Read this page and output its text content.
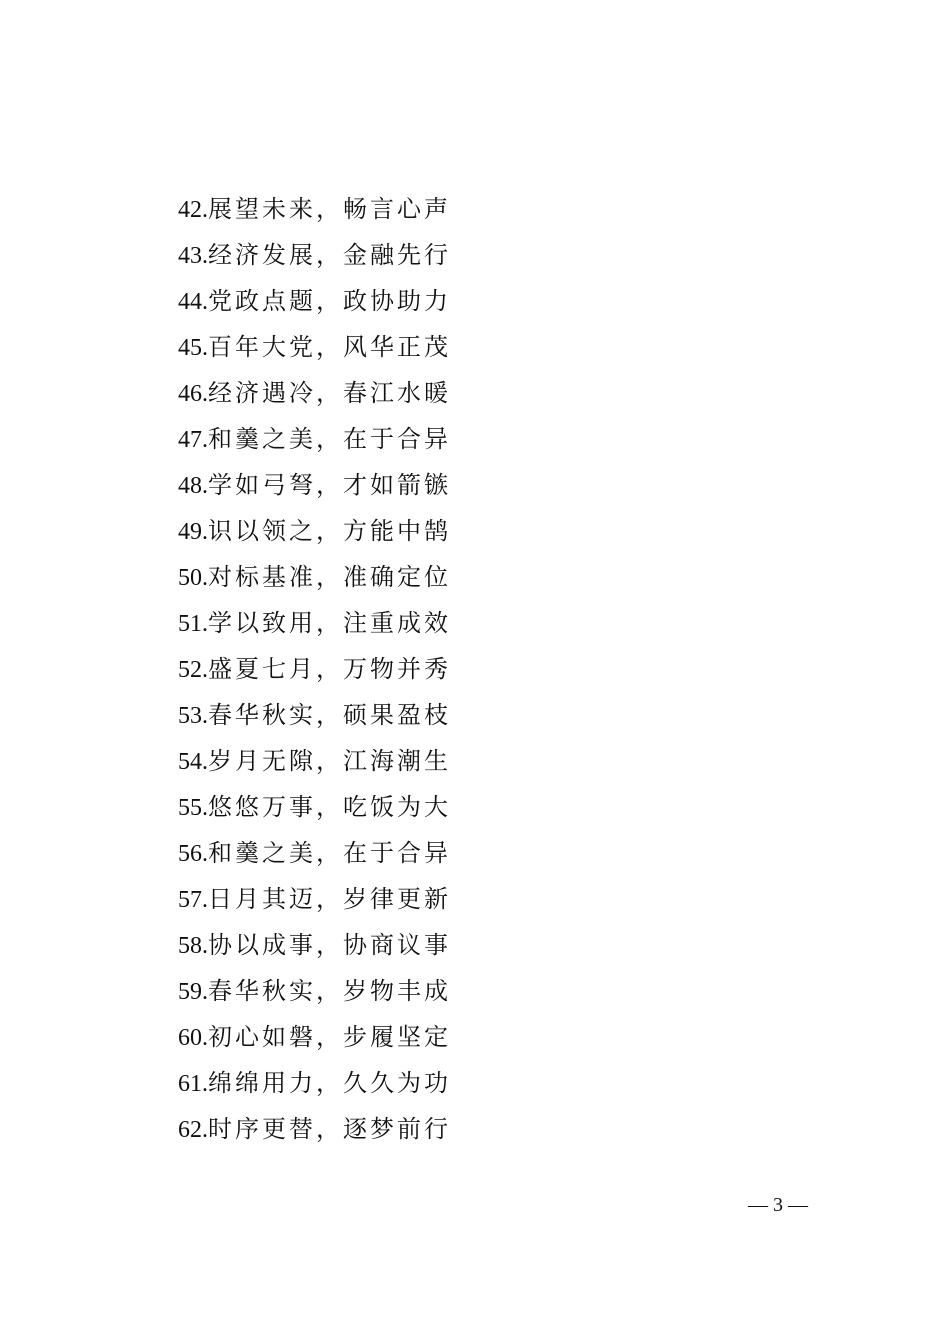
42.展望未来，畅言心声
43.经济发展，金融先行
44.党政点题，政协助力
45.百年大党，风华正茂
46.经济遇冷，春江水暖
47.和羹之美，在于合异
48.学如弓弩，才如箭镞
49.识以领之，方能中鹄
50.对标基准，准确定位
51.学以致用，注重成效
52.盛夏七月，万物并秀
53.春华秋实，硕果盈枝
54.岁月无隙，江海潮生
55.悠悠万事，吃饭为大
56.和羹之美，在于合异
57.日月其迈，岁律更新
58.协以成事，协商议事
59.春华秋实，岁物丰成
60.初心如磐，步履坚定
61.绵绵用力，久久为功
62.时序更替，逐梦前行
— 3 —
